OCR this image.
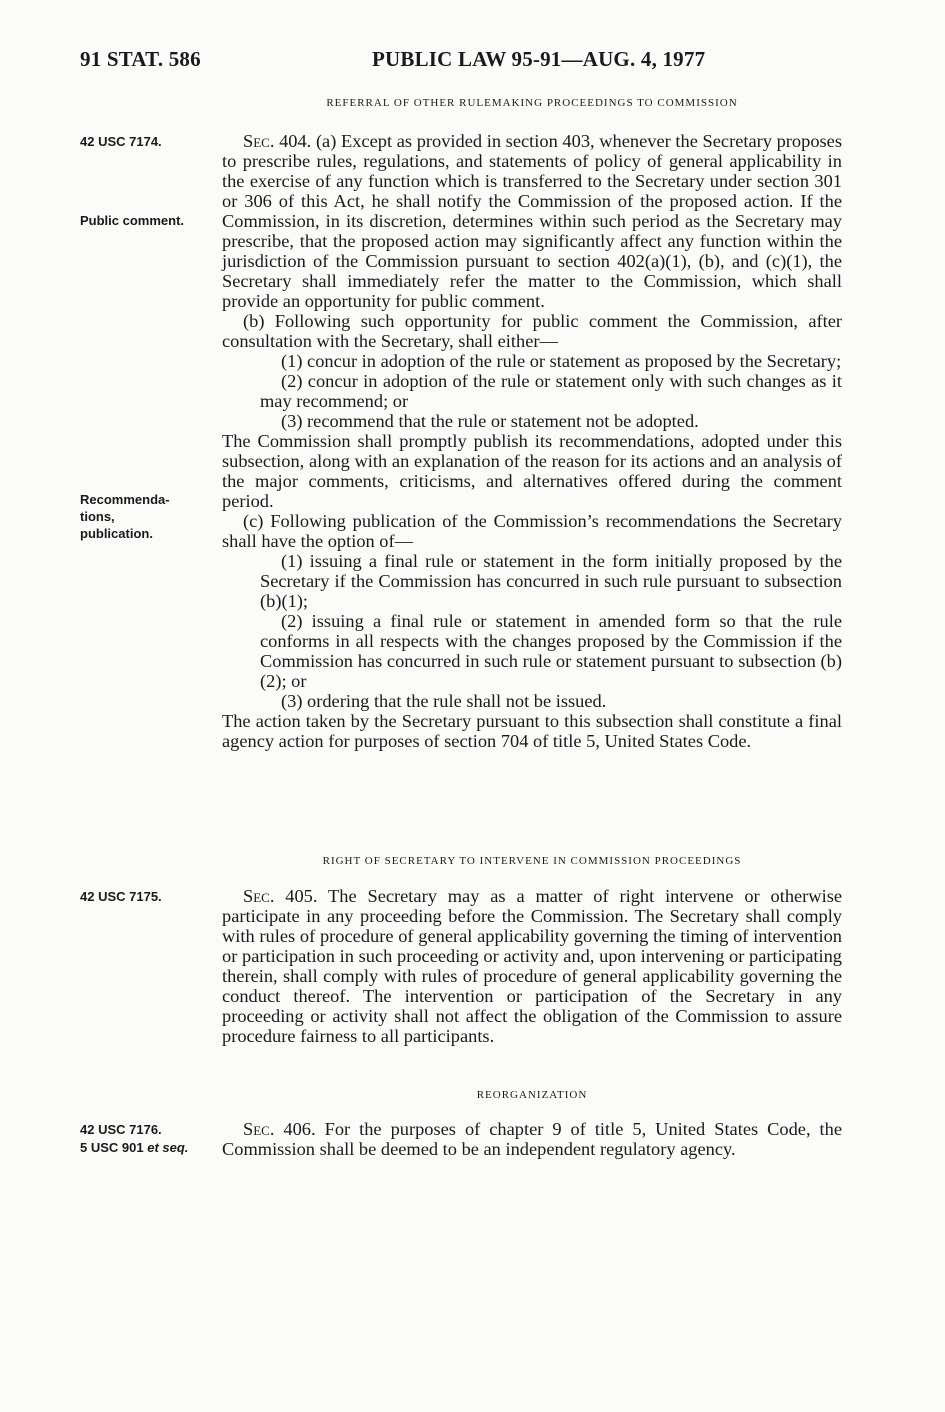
91 STAT. 586	PUBLIC LAW 95-91—AUG. 4, 1977
REFERRAL OF OTHER RULEMAKING PROCEEDINGS TO COMMISSION
42 USC 7174.
Public comment.
Recommenda- tions, publication.

Sec. 404. (a) Except as provided in section 403, whenever the Secretary proposes to prescribe rules, regulations, and statements of policy of general applicability in the exercise of any function which is transferred to the Secretary under section 301 or 306 of this Act, he shall notify the Commission of the proposed action. If the Commission, in its discretion, determines within such period as the Secretary may prescribe, that the proposed action may significantly affect any function within the jurisdiction of the Commission pursuant to section 402(a)(1), (b), and (c)(1), the Secretary shall immediately refer the matter to the Commission, which shall provide an opportunity for public comment.

(b) Following such opportunity for public comment the Commission, after consultation with the Secretary, shall either—

(1) concur in adoption of the rule or statement as proposed by the Secretary;

(2) concur in adoption of the rule or statement only with such changes as it may recommend; or

(3) recommend that the rule or statement not be adopted.

The Commission shall promptly publish its recommendations, adopted under this subsection, along with an explanation of the reason for its actions and an analysis of the major comments, criticisms, and alternatives offered during the comment period.

(c) Following publication of the Commission’s recommendations the Secretary shall have the option of—

(1) issuing a final rule or statement in the form initially proposed by the Secretary if the Commission has concurred in such rule pursuant to subsection (b)(1);

(2) issuing a final rule or statement in amended form so that the rule conforms in all respects with the changes proposed by the Commission if the Commission has concurred in such rule or statement pursuant to subsection (b)(2); or

(3) ordering that the rule shall not be issued.

The action taken by the Secretary pursuant to this subsection shall constitute a final agency action for purposes of section 704 of title 5, United States Code.

RIGHT OF SECRETARY TO INTERVENE IN COMMISSION PROCEEDINGS
42 USC 7175.	Sec. 405. The Secretary may as a matter of right intervene or otherwise participate in any proceeding before the Commission. The Secretary shall comply with rules of procedure of general applicability governing the timing of intervention or participation in such proceeding or activity and, upon intervening or participating therein, shall comply with rules of procedure of general applicability governing the conduct thereof. The intervention or participation of the Secretary in any proceeding or activity shall not affect the obligation of the Commission to assure procedure fairness to all participants.

REORGANIZATION
42 USC 7176.
5 USC 901 et seq.

Sec. 406. For the purposes of chapter 9 of title 5, United States Code, the Commission shall be deemed to be an independent regulatory agency.
